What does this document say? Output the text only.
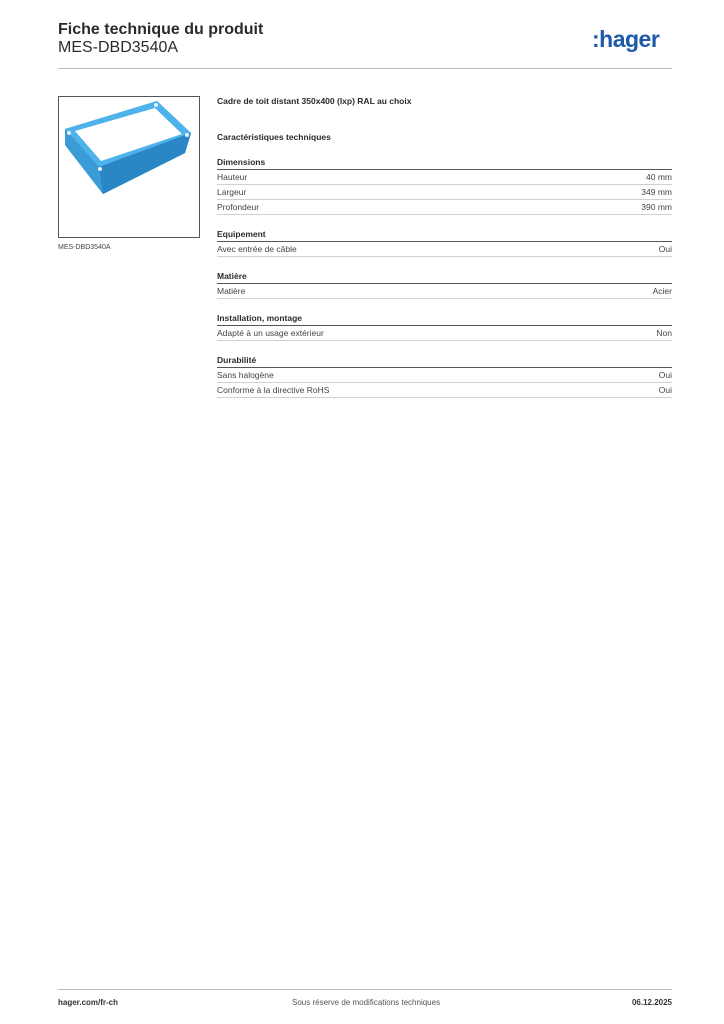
Fiche technique du produit
MES-DBD3540A	:hager
MES-DBD3540A
Cadre de toit distant 350x400 (lxp) RAL au choix
Caractéristiques techniques
Dimensions
Hauteur	40 mm
Largeur	349 mm
Profondeur	390 mm
Equipement
Avec entrée de câble	Oui
Matière
Matière	Acier
Installation, montage
Adapté à un usage extérieur	Non
Durabilité
Sans halogène	Oui
Conforme à la directive RoHS	Oui
hager.com/fr-ch	Sous réserve de modifications techniques	06.12.2025
